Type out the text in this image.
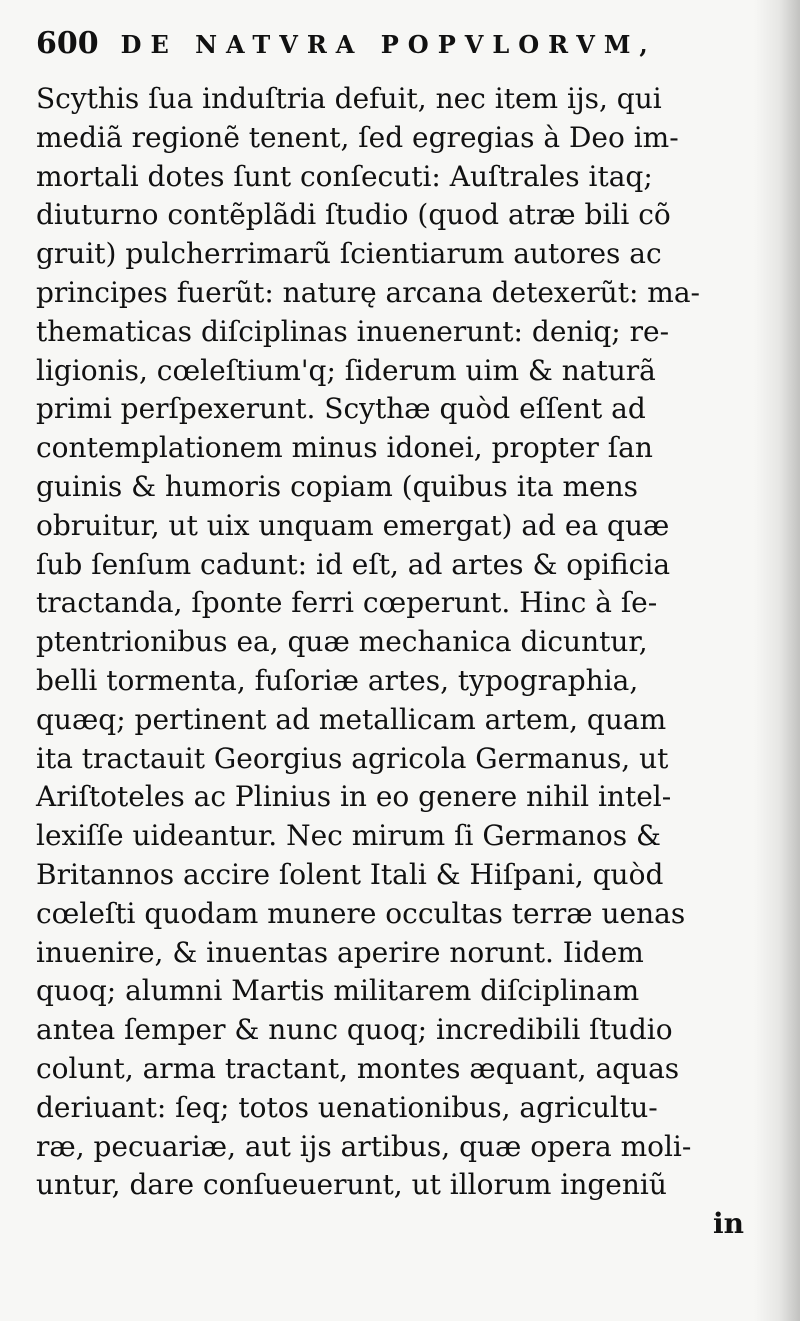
600 DE NATVRA POPVLORVM,
Scythis ſua induſtria defuit, nec item ijs, qui
mediã regionẽ tenent, ſed egregias à Deo im-
mortali dotes ſunt conſecuti: Auſtrales itaq;
diuturno contẽplãdi ſtudio (quod atræ bili cõ
gruit) pulcherrimarũ ſcientiarum autores ac
principes fuerũt: naturę arcana detexerũt: ma-
thematicas diſciplinas inuenerunt: deniq; re-
ligionis, cœleſtium'q; ſiderum uim & naturã
primi perſpexerunt. Scythæ quòd eſſent ad
contemplationem minus idonei, propter ſan
guinis & humoris copiam (quibus ita mens
obruitur, ut uix unquam emergat) ad ea quæ
ſub ſenſum cadunt: id eſt, ad artes & opificia
tractanda, ſponte ferri cœperunt. Hinc à ſe-
ptentrionibus ea, quæ mechanica dicuntur,
belli tormenta, fuſoriæ artes, typographia,
quæq; pertinent ad metallicam artem, quam
ita tractauit Georgius agricola Germanus, ut
Ariſtoteles ac Plinius in eo genere nihil intel-
lexiſſe uideantur. Nec mirum ſi Germanos &
Britannos accire ſolent Itali & Hiſpani, quòd
cœleſti quodam munere occultas terræ uenas
inuenire, & inuentas aperire norunt. Iidem
quoq; alumni Martis militarem diſciplinam
antea ſemper & nunc quoq; incredibili ſtudio
colunt, arma tractant, montes æquant, aquas
deriuant: ſeq; totos uenationibus, agricultu-
ræ, pecuariæ, aut ijs artibus, quæ opera moli-
untur, dare conſueuerunt, ut illorum ingeniũ
in
